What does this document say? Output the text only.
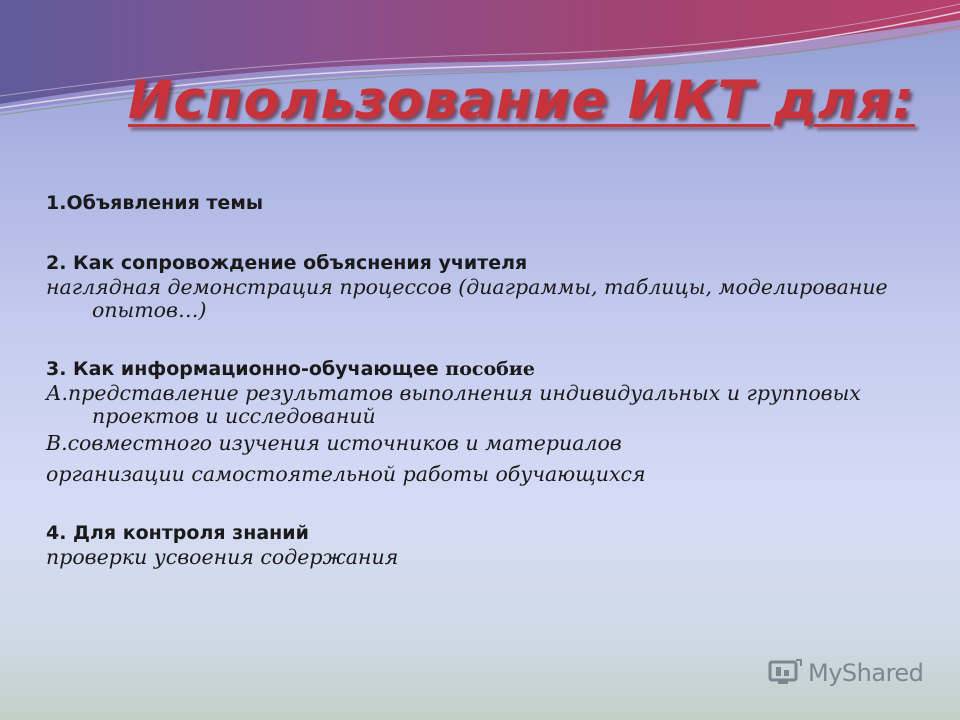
Использование ИКТ для:

1.Объявления темы

2. Как сопровождение объяснения учителя

наглядная демонстрация процессов (диаграммы, таблицы, моделирование опытов…)

3. Как информационно-обучающее пособие

А.представление результатов выполнения индивидуальных и групповых проектов и исследований

В.совместного изучения источников и материалов

организации самостоятельной работы обучающихся

4. Для контроля знаний

проверки усвоения содержания

MyShared
